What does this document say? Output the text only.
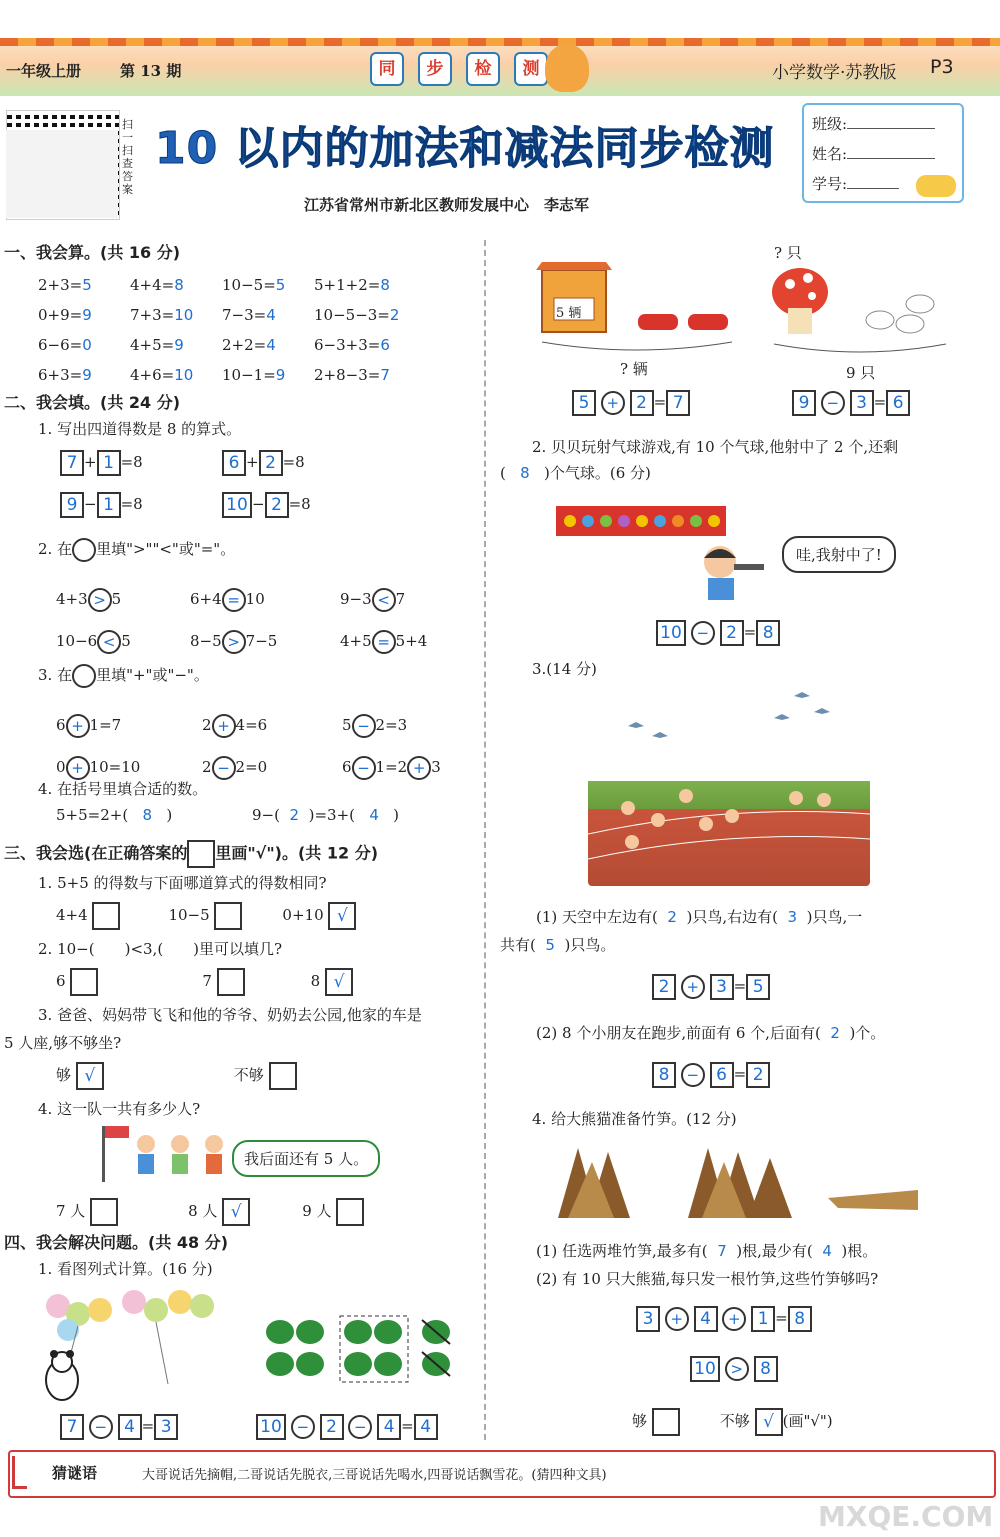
一年级上册	第 13 期	同	步	检	测	小学数学·苏教版 P3
扫一扫查答案
10 以内的加法和减法同步检测 班级:
姓名:
学号:
江苏省常州市新北区教师发展中心　李志军
一、我会算。(共 16 分)
2+3=5	4+4=8	10−5=5 5+1+2=8
0+9=9	7+3=10 7−3=4	10−5−3=2
6−6=0	4+5=9	2+2=4	6−3+3=6
6+3=9	4+6=10 10−1=9 2+8−3=7
二、我会填。(共 24 分)
1. 写出四道得数是 8 的算式。
7 + 1 =8	6 + 2 =8
9 − 1 =8	10 − 2 =8
2. 在 里填">""<"或"="。
4+3 > 5	6+4 = 10	9−3 < 7
10−6 < 5	8−5 > 7−5	4+5 = 5+4
3. 在 里填"+"或"−"。
6 + 1=7	2 + 4=6	5 − 2=3
0 + 10=10	2 − 2=0	6 − 1=2 + 3
4. 在括号里填合适的数。
5+5=2+( 8 )	9−( 2 )=3+( 4 )
三、我会选(在正确答案的 里画"√")。(共 12 分)
1. 5+5 的得数与下面哪道算式的得数相同?
4+4	10−5	0+10 √
2. 10−(　　)<3,(　　)里可以填几?
6	7	8 √
3. 爸爸、妈妈带飞飞和他的爷爷、奶奶去公园,他家的车是
5 人座,够不够坐?
够 √	不够
4. 这一队一共有多少人?
我后面还有 5 人。
7 人	8 人 √	9 人
四、我会解决问题。(共 48 分)
1. 看图列式计算。(16 分)
7 − 4 = 3	10 − 2 − 4 = 4
5 辆
? 辆
? 只
9 只
5 + 2 = 7	9 − 3 = 6
2. 贝贝玩射气球游戏,有 10 个气球,他射中了 2 个,还剩
( 8 )个气球。(6 分)
哇,我射中了!
10 − 2 = 8
3.(14 分)
(1) 天空中左边有( 2 )只鸟,右边有( 3 )只鸟,一
共有( 5 )只鸟。
2 + 3 = 5
(2) 8 个小朋友在跑步,前面有 6 个,后面有( 2 )个。
8 − 6 = 2
4. 给大熊猫准备竹笋。(12 分)
(1) 任选两堆竹笋,最多有( 7 )根,最少有( 4 )根。
(2) 有 10 只大熊猫,每只发一根竹笋,这些竹笋够吗?
3 + 4 + 1 = 8
10 > 8
够	不够 √ (画"√")
猜谜语	大哥说话先摘帽,二哥说话先脱衣,三哥说话先喝水,四哥说话飘雪花。(猜四种文具)
MXQE.COM
